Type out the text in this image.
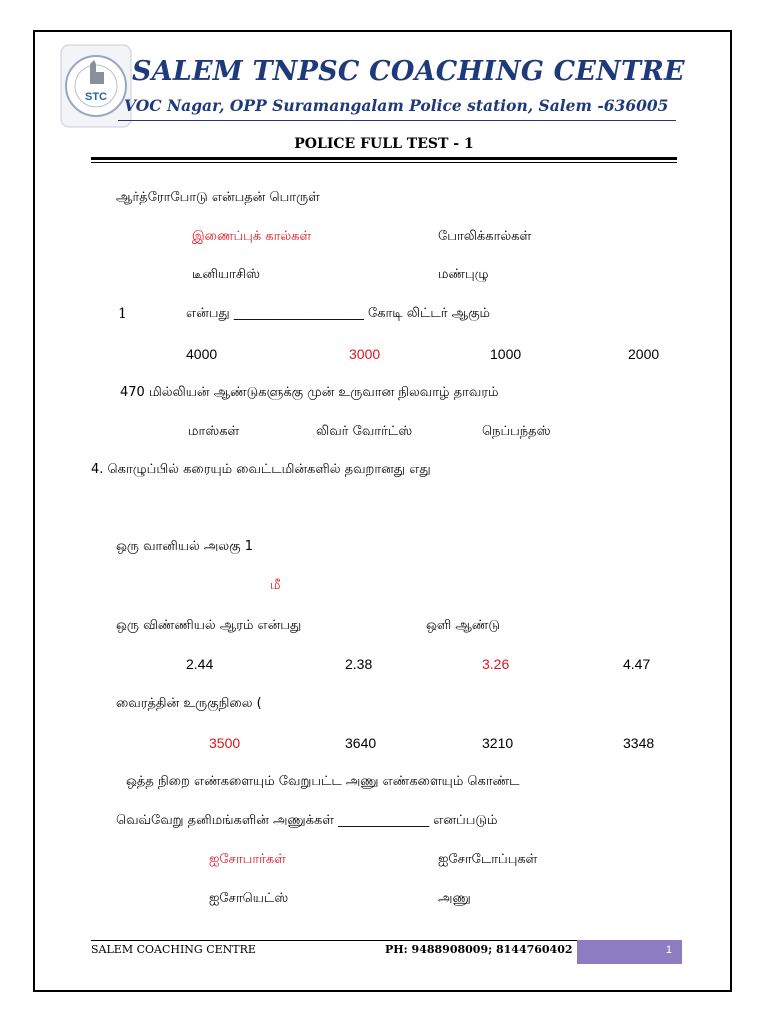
STC
SALEM TNPSC COACHING CENTRE
VOC Nagar, OPP Suramangalam Police station, Salem -636005
POLICE FULL TEST - 1
ஆர்த்ரோபோடு என்பதன் பொருள்
இணைப்புக் கால்கள்	போலிக்கால்கள்
டீனியாசிஸ்	மண்புழு
1	என்பது ____________________ கோடி லிட்டர் ஆகும்
4000	3000	1000	2000
470 மில்லியன் ஆண்டுகளுக்கு முன் உருவான நிலவாழ் தாவரம்
மாஸ்கள்	லிவர் வோர்ட்ஸ்	நெப்பந்தஸ்
4. கொழுப்பில் கரையும் வைட்டமின்களில் தவறானது எது
ஒரு வானியல் அலகு 1
மீ
ஒரு விண்ணியல் ஆரம் என்பது	ஒளி ஆண்டு
2.44	2.38	3.26	4.47
வைரத்தின் உருகுநிலை (
3500	3640	3210	3348
ஒத்த நிறை எண்களையும் வேறுபட்ட அணு எண்களையும் கொண்ட
வெவ்வேறு தனிமங்களின் அணுக்கள் ______________ எனப்படும்
ஐசோபார்கள்	ஐசோடோப்புகள்
ஐசோயெட்ஸ்	அணு
SALEM COACHING CENTRE	PH: 9488908009; 8144760402	1
